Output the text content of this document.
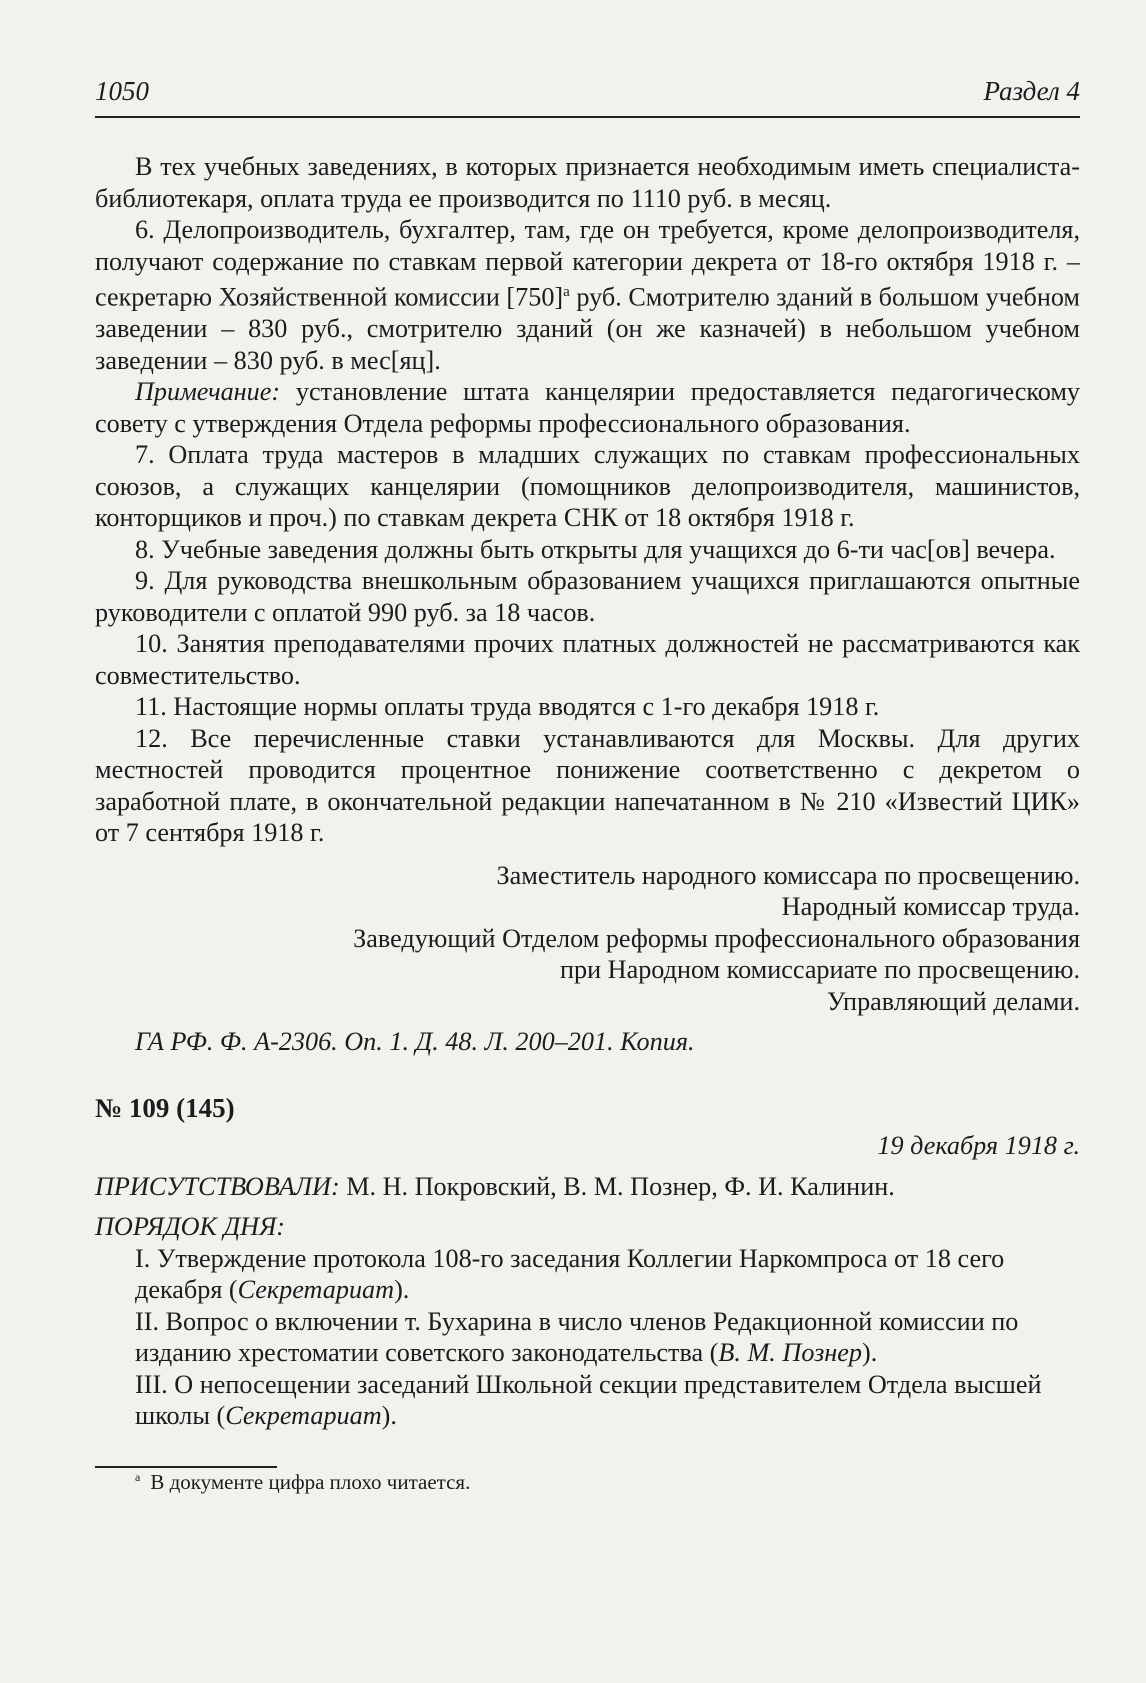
1050	Раздел 4

В тех учебных заведениях, в которых признается необходимым иметь специалиста-библиотекаря, оплата труда ее производится по 1110 руб. в месяц.

6. Делопроизводитель, бухгалтер, там, где он требуется, кроме делопроизводителя, получают содержание по ставкам первой категории декрета от 18-го октября 1918 г. – секретарю Хозяйственной комиссии $[750]^а$ руб. Смотрителю зданий в большом учебном заведении – 830 руб., смотрителю зданий (он же казначей) в небольшом учебном заведении – 830 руб. в мес[яц].

Примечание: установление штата канцелярии предоставляется педагогическому совету с утверждения Отдела реформы профессионального образования.

7. Оплата труда мастеров в младших служащих по ставкам профессиональных союзов, а служащих канцелярии (помощников делопроизводителя, машинистов, конторщиков и проч.) по ставкам декрета СНК от 18 октября 1918 г.

8. Учебные заведения должны быть открыты для учащихся до 6-ти час[ов] вечера.

9. Для руководства внешкольным образованием учащихся приглашаются опытные руководители с оплатой 990 руб. за 18 часов.

10. Занятия преподавателями прочих платных должностей не рассматриваются как совместительство.

11. Настоящие нормы оплаты труда вводятся с 1-го декабря 1918 г.

12. Все перечисленные ставки устанавливаются для Москвы. Для других местностей проводится процентное понижение соответственно с декретом о заработной плате, в окончательной редакции напечатанном в № 210 «Известий ЦИК» от 7 сентября 1918 г.

Заместитель народного комиссара по просвещению.
Народный комиссар труда.
Заведующий Отделом реформы профессионального образования
при Народном комиссариате по просвещению.
Управляющий делами.
ГА РФ. Ф. А-2306. Оп. 1. Д. 48. Л. 200–201. Копия.
№ 109 (145)
19 декабря 1918 г.
ПРИСУТСТВОВАЛИ: М. Н. Покровский, В. М. Познер, Ф. И. Калинин.
ПОРЯДОК ДНЯ:

I. Утверждение протокола 108-го заседания Коллегии Наркомпроса от 18 сего декабря (Секретариат).

II. Вопрос о включении т. Бухарина в число членов Редакционной комиссии по изданию хрестоматии советского законодательства (В. М. Познер).

III. О непосещении заседаний Школьной секции представителем Отдела высшей школы (Секретариат).

$^а$ В документе цифра плохо читается.
